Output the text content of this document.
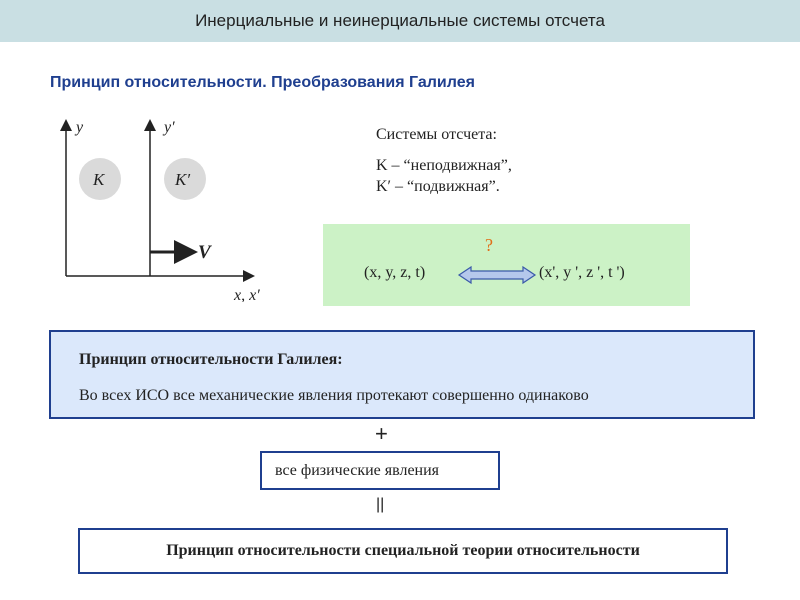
Инерциальные и неинерциальные системы отсчета
Принцип относительности. Преобразования Галилея
y	y′
K	K′
V
x, x′
Системы отсчета:
K – “неподвижная”,
K′ – “подвижная”.
?
(x, y, z, t)	(x', y ', z ', t ')
Принцип относительности Галилея:
Во всех ИСО все механические явления протекают совершенно одинаково
+
все физические явления
||
Принцип относительности специальной теории относительности
